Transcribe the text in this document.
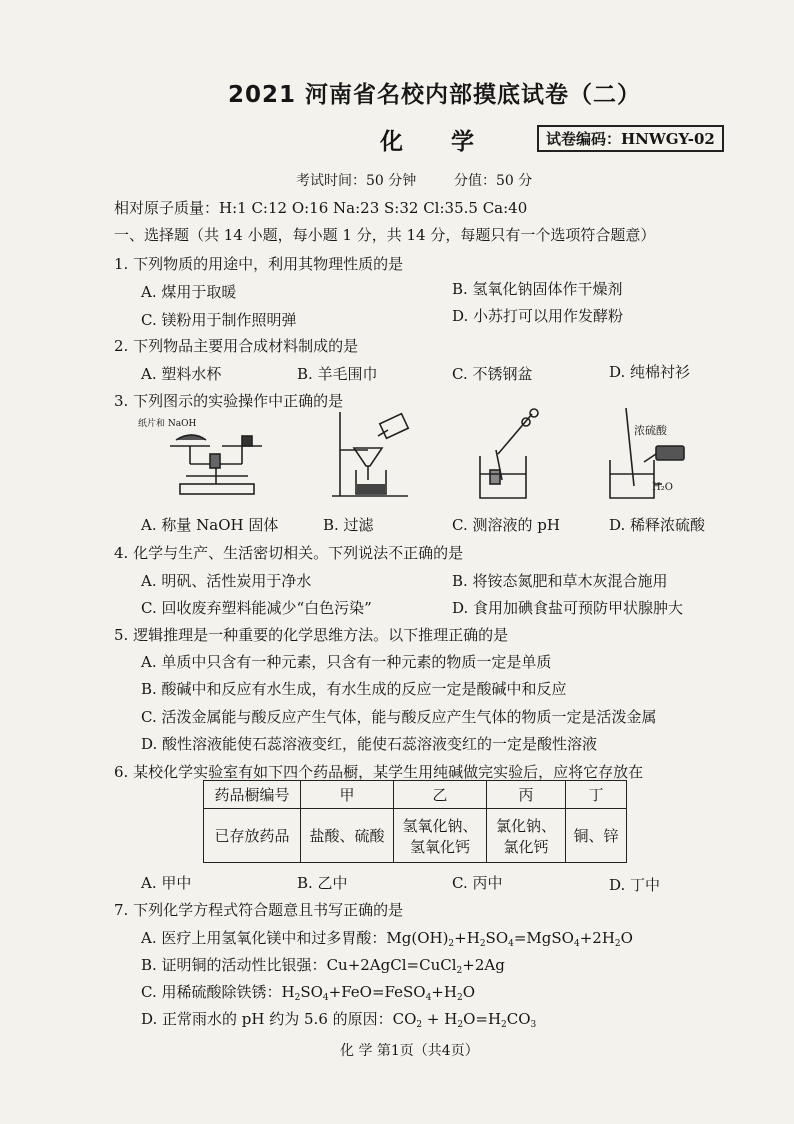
2021 河南省名校内部摸底试卷（二）
化 学	试卷编码：HNWGY-02
考试时间：50 分钟	分值：50 分
相对原子质量：H:1 C:12 O:16 Na:23 S:32 Cl:35.5 Ca:40
一、选择题（共 14 小题，每小题 1 分，共 14 分，每题只有一个选项符合题意）
1. 下列物质的用途中，利用其物理性质的是
A. 煤用于取暖	B. 氢氧化钠固体作干燥剂
C. 镁粉用于制作照明弹	D. 小苏打可以用作发酵粉
2. 下列物品主要用合成材料制成的是
A. 塑料水杯	B. 羊毛围巾	C. 不锈钢盆	D. 纯棉衬衫
3. 下列图示的实验操作中正确的是
纸片和 NaOH	浓硫酸
H₂O
A. 称量 NaOH 固体	B. 过滤	C. 测溶液的 pH	D. 稀释浓硫酸
4. 化学与生产、生活密切相关。下列说法不正确的是
A. 明矾、活性炭用于净水	B. 将铵态氮肥和草木灰混合施用
C. 回收废弃塑料能减少“白色污染”	D. 食用加碘食盐可预防甲状腺肿大
5. 逻辑推理是一种重要的化学思维方法。以下推理正确的是
A. 单质中只含有一种元素，只含有一种元素的物质一定是单质
B. 酸碱中和反应有水生成，有水生成的反应一定是酸碱中和反应
C. 活泼金属能与酸反应产生气体，能与酸反应产生气体的物质一定是活泼金属
D. 酸性溶液能使石蕊溶液变红，能使石蕊溶液变红的一定是酸性溶液
6. 某校化学实验室有如下四个药品橱，某学生用纯碱做完实验后，应将它存放在
药品橱编号	甲	乙	丙	丁
已存放药品	盐酸、硫酸	氢氧化钠、
氢氧化钙	氯化钠、
氯化钙	铜、锌
A. 甲中	B. 乙中	C. 丙中	D. 丁中
7. 下列化学方程式符合题意且书写正确的是
A. 医疗上用氢氧化镁中和过多胃酸：$Mg(OH)_2+H_2SO_4=MgSO_4+2H_2O$
B. 证明铜的活动性比银强：Cu+2AgCl=CuCl$_2$+2Ag
C. 用稀硫酸除铁锈：$H_2SO_4+FeO=FeSO_4+H_2O$
D. 正常雨水的 pH 约为 5.6 的原因：$CO_2 + H_2O=H_2CO_3$
化 学 第1页（共4页）
